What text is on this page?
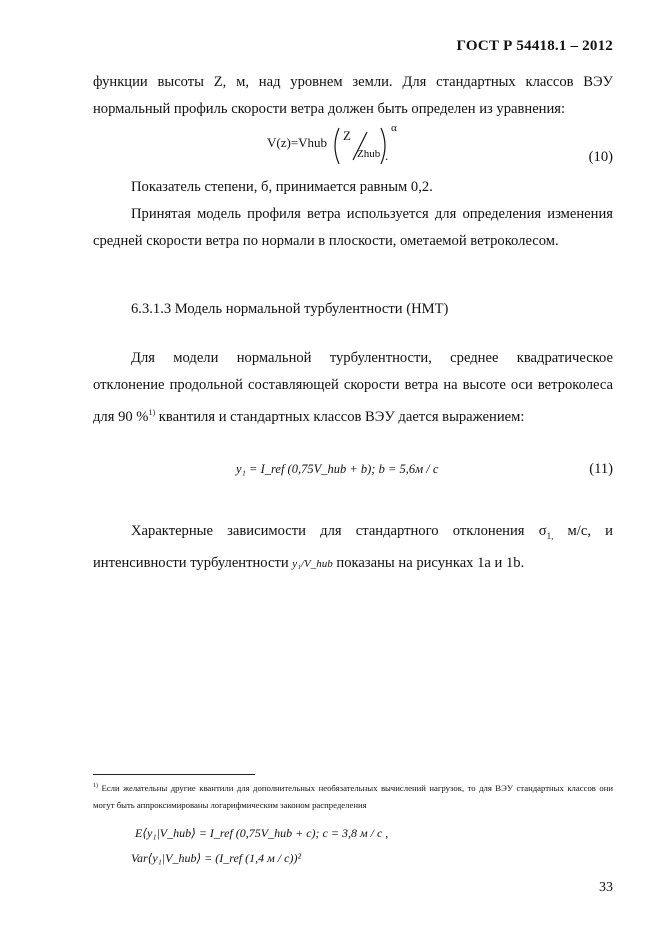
ГОСТ Р 54418.1 – 2012
функции высоты Z, м, над уровнем земли. Для стандартных классов ВЭУ нормальный профиль скорости ветра должен быть определен из уравнения:
V(z)=Vhub Z
Zhub
α
.	(10)
Показатель степени, б, принимается равным 0,2.
Принятая модель профиля ветра используется для определения изменения средней скорости ветра по нормали в плоскости, ометаемой ветроколесом.
6.3.1.3 Модель нормальной турбулентности (НМТ)
Для модели нормальной турбулентности, среднее квадратическое отклонение продольной составляющей скорости ветра на высоте оси ветроколеса для 90 %$^{1)}$ квантиля и стандартных классов ВЭУ дается выражением:
y₁ = I_ref (0,75V_hub + b); b = 5,6м / с	(11)
Характерные зависимости для стандартного отклонения $\sigma_{1,}$ м/с, и интенсивности турбулентности y₁/V_hub показаны на рисунках 1а и 1b.
$^{1)}$ Если желательны другие квантили для дополнительных необязательных вычислений нагрузок, то для ВЭУ стандартных классов они могут быть аппроксимированы логарифмическим законом распределения
E⟨y₁|V_hub⟩ = I_ref (0,75V_hub + c); c = 3,8 м / с ,
Var⟨y₁|V_hub⟩ = (I_ref (1,4 м / с))²
33
